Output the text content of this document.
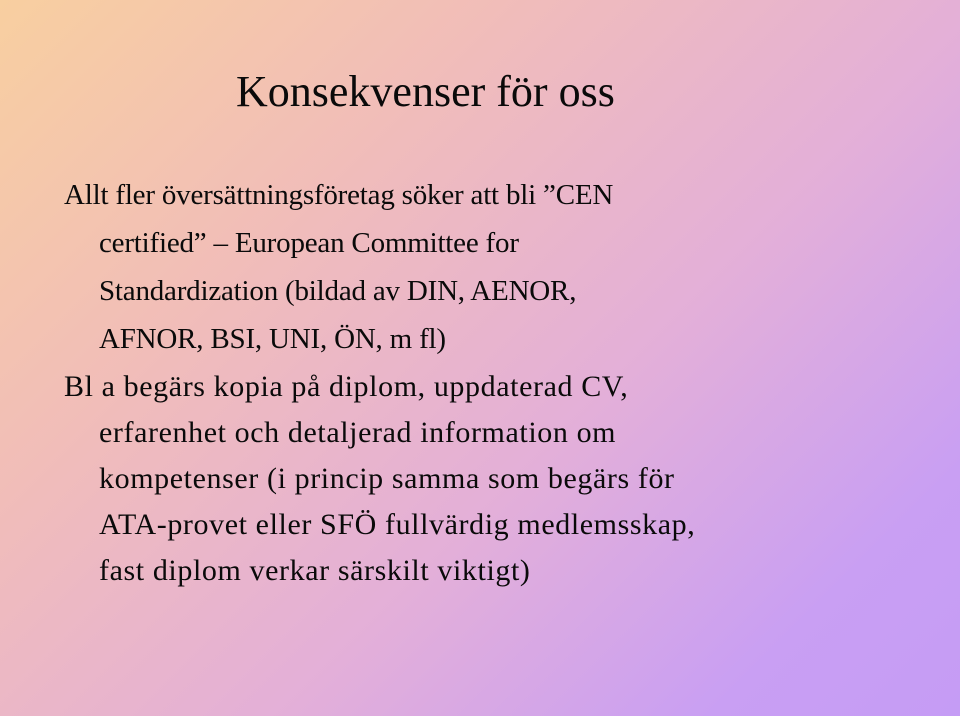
Konsekvenser för oss
Allt fler översättningsföretag söker att bli ”CEN
certified” – European Committee for
Standardization (bildad av DIN, AENOR,
AFNOR, BSI, UNI, ÖN, m fl)
Bl a begärs kopia på diplom, uppdaterad CV,
erfarenhet och detaljerad information om
kompetenser (i princip samma som begärs för
ATA-provet eller SFÖ fullvärdig medlemsskap,
fast diplom verkar särskilt viktigt)
